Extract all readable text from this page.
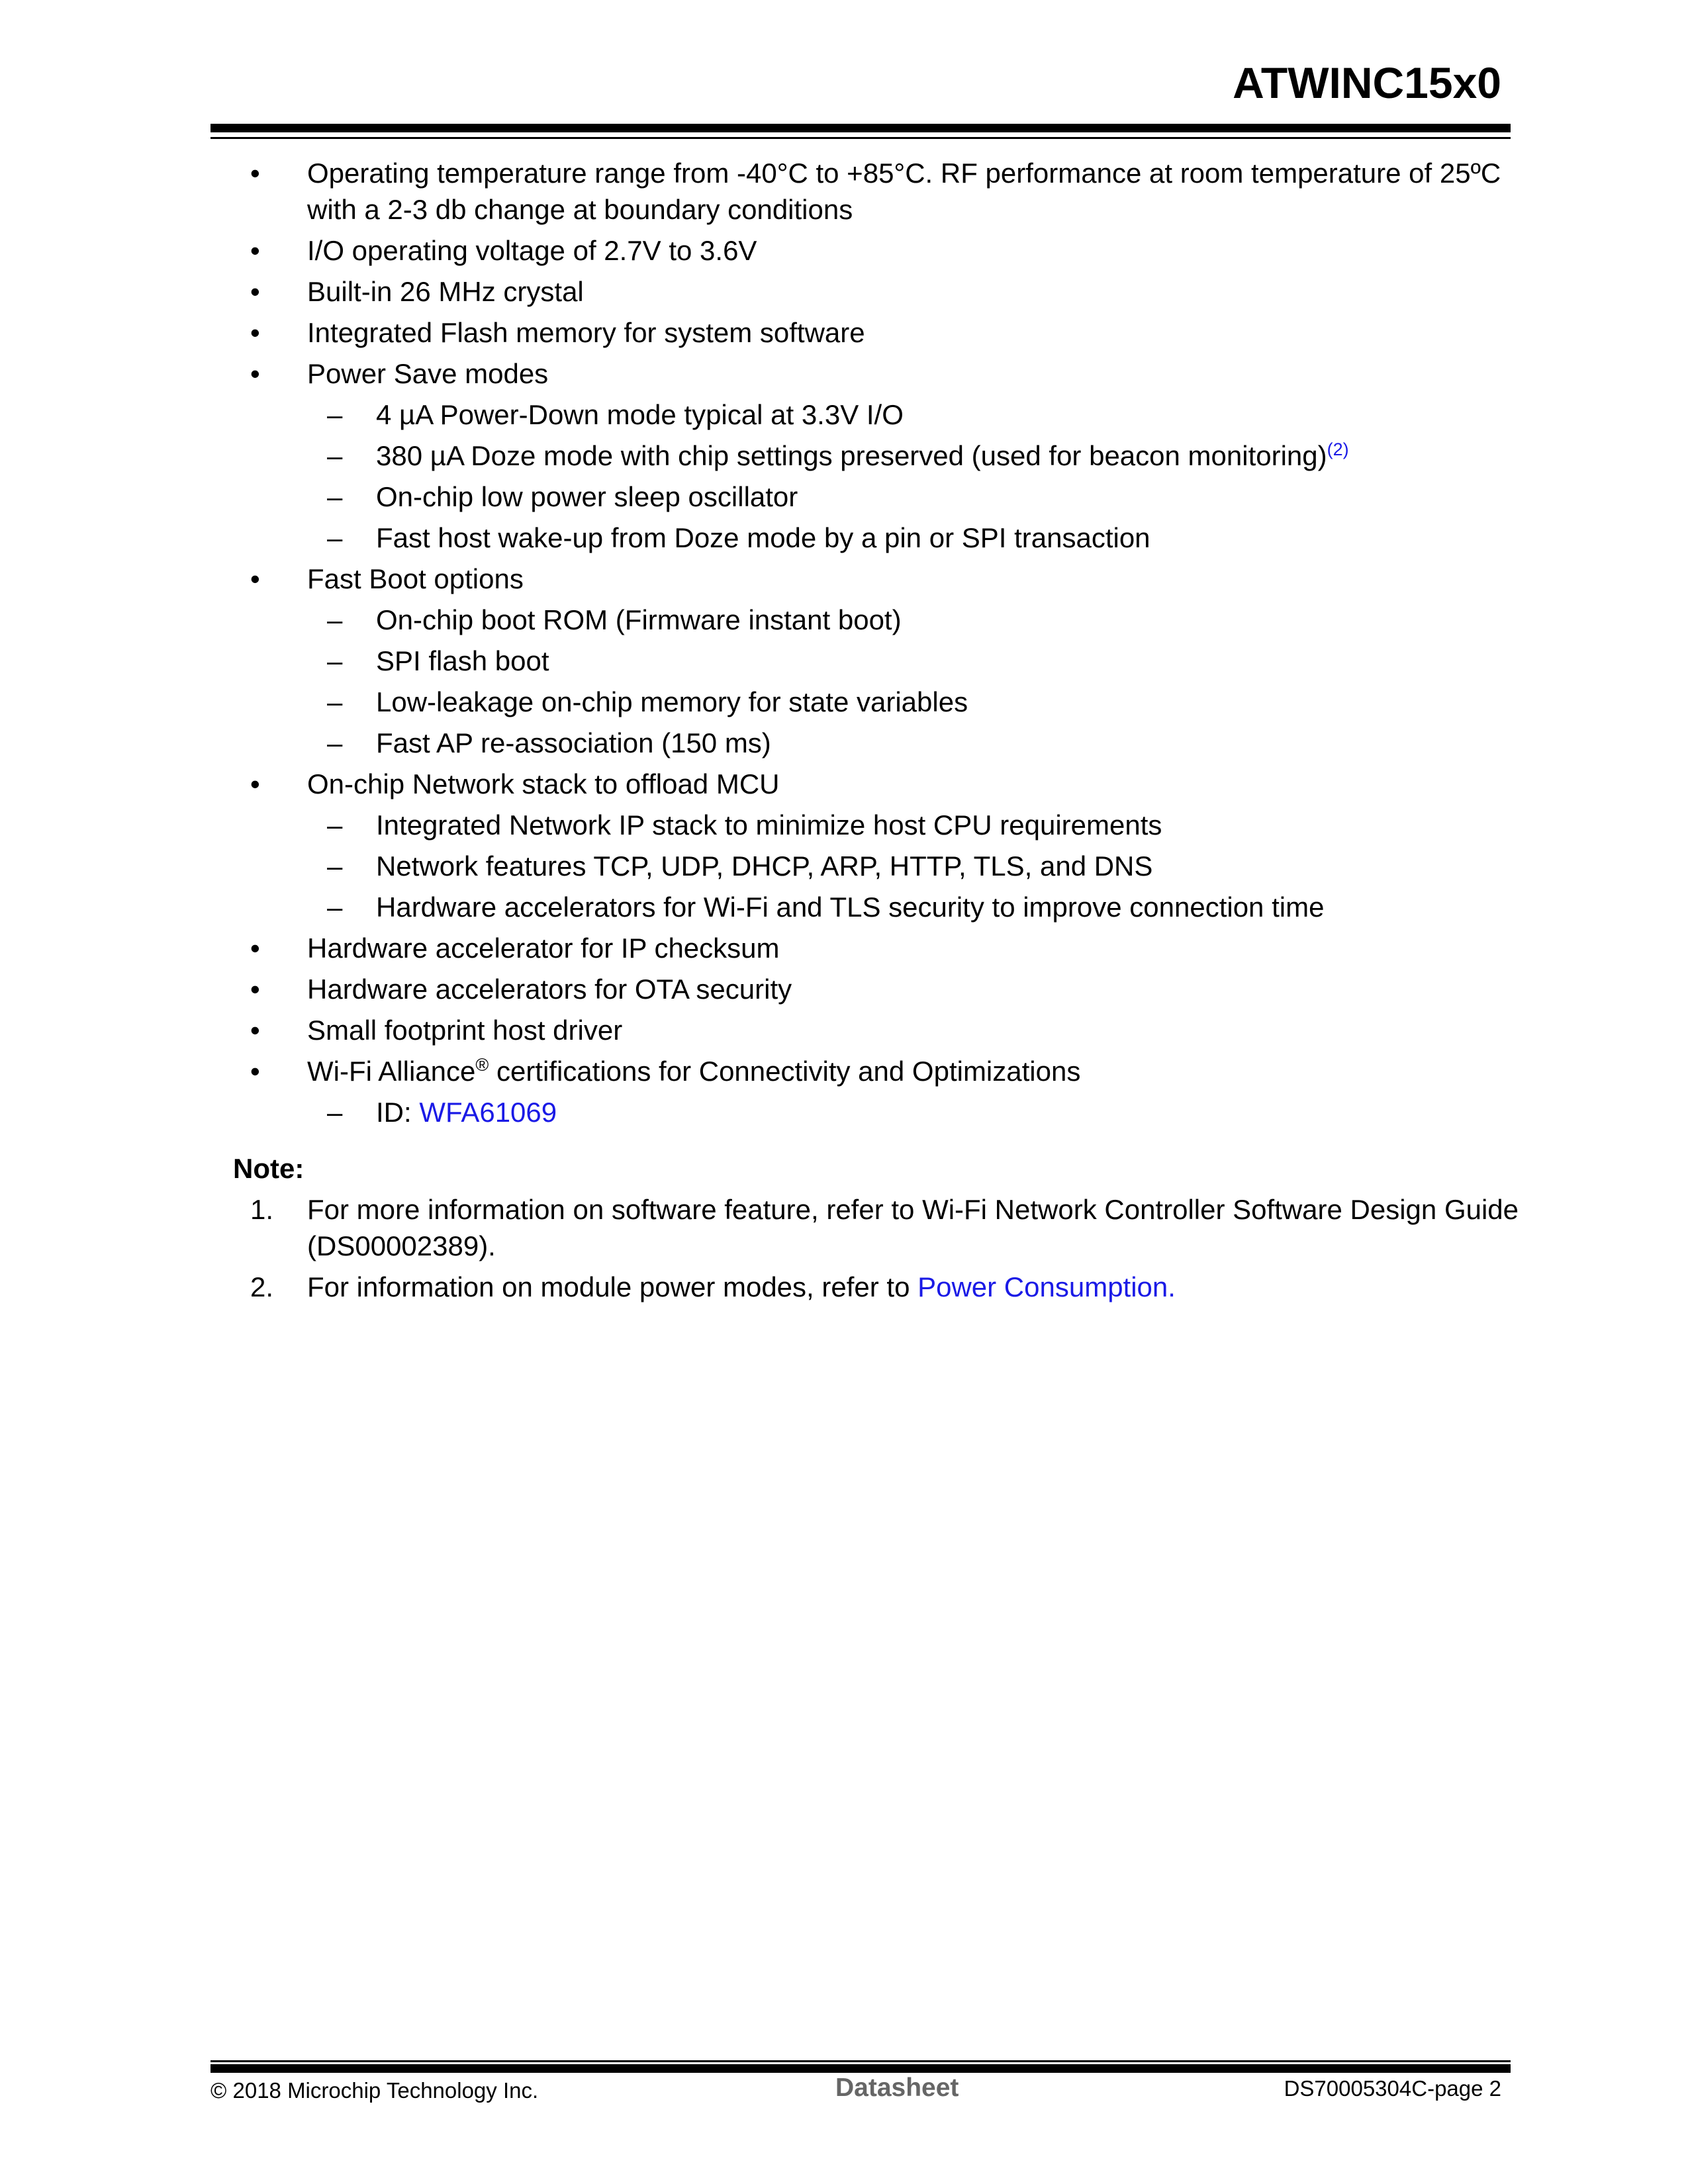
ATWINC15x0
• Operating temperature range from -40°C to +85°C. RF performance at room temperature of 25ºC with a 2-3 db change at boundary conditions
• I/O operating voltage of 2.7V to 3.6V
• Built-in 26 MHz crystal
• Integrated Flash memory for system software
• Power Save modes
– 4 µA Power-Down mode typical at 3.3V I/O
– 380 µA Doze mode with chip settings preserved (used for beacon monitoring)$^{(2)}$
– On-chip low power sleep oscillator
– Fast host wake-up from Doze mode by a pin or SPI transaction
• Fast Boot options
– On-chip boot ROM (Firmware instant boot)
– SPI flash boot
– Low-leakage on-chip memory for state variables
– Fast AP re-association (150 ms)
• On-chip Network stack to offload MCU
– Integrated Network IP stack to minimize host CPU requirements
– Network features TCP, UDP, DHCP, ARP, HTTP, TLS, and DNS
– Hardware accelerators for Wi-Fi and TLS security to improve connection time
• Hardware accelerator for IP checksum
• Hardware accelerators for OTA security
• Small footprint host driver
• Wi-Fi Alliance® certifications for Connectivity and Optimizations
– ID: WFA61069
Note:
1. For more information on software feature, refer to Wi-Fi Network Controller Software Design Guide (DS00002389).
2. For information on module power modes, refer to Power Consumption.
© 2018 Microchip Technology Inc.	Datasheet	DS70005304C-page 2
